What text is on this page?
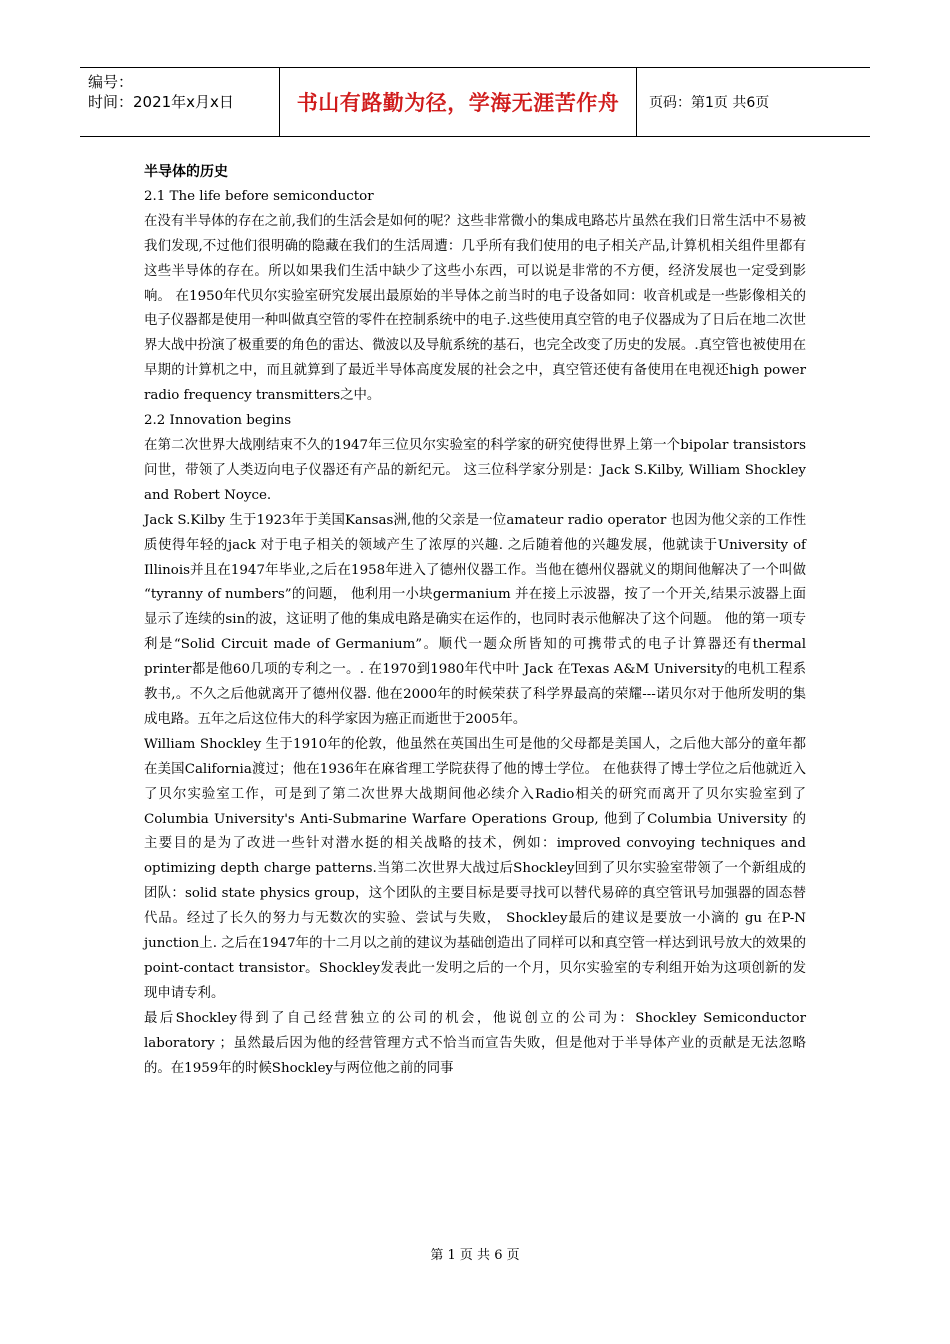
编号：
时间：2021年x月x日	书山有路勤为径，学海无涯苦作舟	页码：第1页 共6页

半导体的历史

2.1 The life before semiconductor

在没有半导体的存在之前,我们的生活会是如何的呢？这些非常微小的集成电路芯片虽然在我们日常生活中不易被我们发现,不过他们很明确的隐藏在我们的生活周遭：几乎所有我们使用的电子相关产品,计算机相关组件里都有这些半导体的存在。所以如果我们生活中缺少了这些小东西，可以说是非常的不方便，经济发展也一定受到影响。 在1950年代贝尔实验室研究发展出最原始的半导体之前当时的电子设备如同：收音机或是一些影像相关的电子仪器都是使用一种叫做真空管的零件在控制系统中的电子.这些使用真空管的电子仪器成为了日后在地二次世界大战中扮演了极重要的角色的雷达、微波以及导航系统的基石，也完全改变了历史的发展。.真空管也被使用在早期的计算机之中，而且就算到了最近半导体高度发展的社会之中，真空管还使有备使用在电视还high power radio frequency transmitters之中。

2.2 Innovation begins

在第二次世界大战刚结束不久的1947年三位贝尔实验室的科学家的研究使得世界上第一个bipolar transistors 问世，带领了人类迈向电子仪器还有产品的新纪元。 这三位科学家分别是：Jack S.Kilby, William Shockley and Robert Noyce.

Jack S.Kilby 生于1923年于美国Kansas洲,他的父亲是一位amateur radio operator 也因为他父亲的工作性质使得年轻的jack 对于电子相关的领域产生了浓厚的兴趣. 之后随着他的兴趣发展，他就读于University of Illinois并且在1947年毕业,之后在1958年进入了德州仪器工作。当他在德州仪器就义的期间他解决了一个叫做 “tyranny of numbers”的问题， 他利用一小块germanium 并在接上示波器，按了一个开关,结果示波器上面显示了连续的sin的波，这证明了他的集成电路是确实在运作的，也同时表示他解决了这个问题。 他的第一项专利是“Solid Circuit made of Germanium”。顺代一题众所皆知的可携带式的电子计算器还有thermal printer都是他60几项的专利之一。. 在1970到1980年代中叶 Jack 在Texas A&M University的电机工程系教书,。不久之后他就离开了德州仪器. 他在2000年的时候荣获了科学界最高的荣耀---诺贝尔对于他所发明的集成电路。五年之后这位伟大的科学家因为癌正而逝世于2005年。

William Shockley 生于1910年的伦敦，他虽然在英国出生可是他的父母都是美国人，之后他大部分的童年都在美国California渡过；他在1936年在麻省理工学院获得了他的博士学位。 在他获得了博士学位之后他就近入了贝尔实验室工作，可是到了第二次世界大战期间他必续介入Radio相关的研究而离开了贝尔实验室到了 Columbia University's Anti-Submarine Warfare Operations Group, 他到了Columbia University 的主要目的是为了改进一些针对潜水挺的相关战略的技术，例如：improved convoying techniques and optimizing depth charge patterns.当第二次世界大战过后Shockley回到了贝尔实验室带领了一个新组成的团队：solid state physics group，这个团队的主要目标是要寻找可以替代易碎的真空管讯号加强器的固态替代品。经过了长久的努力与无数次的实验、尝试与失败， Shockley最后的建议是要放一小滴的 gu 在P-N junction上. 之后在1947年的十二月以之前的建议为基础创造出了同样可以和真空管一样达到讯号放大的效果的point-contact transistor。Shockley发表此一发明之后的一个月，贝尔实验室的专利组开始为这项创新的发现申请专利。

最后Shockley得到了自己经营独立的公司的机会，他说创立的公司为：Shockley Semiconductor laboratory ；虽然最后因为他的经营管理方式不恰当而宣告失败，但是他对于半导体产业的贡献是无法忽略的。在1959年的时候Shockley与两位他之前的同事

第 1 页 共 6 页
